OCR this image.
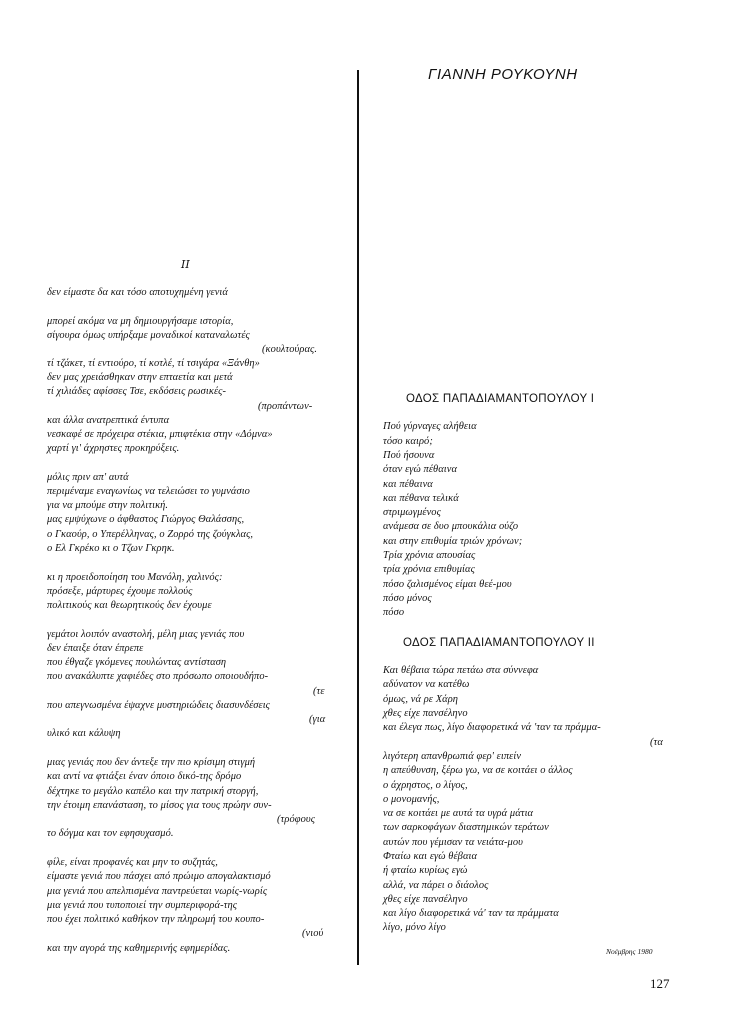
II
δεν είμαστε δα και τόσο αποτυχημένη γενιά
μπορεί ακόμα να μη δημιουργήσαμε ιστορία,
σίγουρα όμως υπήρξαμε μοναδικοί καταναλωτές
(κουλτούρας.
τί τζάκετ, τί εντιούρο, τί κοτλέ, τί τσιγάρα «Ξάνθη»
δεν μας χρειάσθηκαν στην επταετία και μετά
τί χιλιάδες αφίσσες Τσε, εκδόσεις ρωσικές-
(προπάντων-
και άλλα ανατρεπτικά έντυπα
νεσκαφέ σε πρόχειρα στέκια, μπιφτέκια στην «Δόμνα»
χαρτί γι' άχρηστες προκηρύξεις.
μόλις πριν απ' αυτά
περιμέναμε εναγωνίως να τελειώσει το γυμνάσιο
για να μπούμε στην πολιτική.
μας εμψύχωνε ο άφθαστος Γιώργος Θαλάσσης,
ο Γκαούρ, ο Υπερέλληνας, ο Ζορρό της ζούγκλας,
ο Ελ Γκρέκο κι ο Τζων Γκρηκ.
κι η προειδοποίηση του Μανόλη, χαλινός:
πρόσεξε, μάρτυρες έχουμε πολλούς
πολιτικούς και θεωρητικούς δεν έχουμε
γεμάτοι λοιπόν αναστολή, μέλη μιας γενιάς που
δεν έπαιξε όταν έπρεπε
που έθγαζε γκόμενες πουλώντας αντίσταση
που ανακάλυπτε χαφιέδες στο πρόσωπο οποιουδήπο-
(τε
που απεγνωσμένα έψαχνε μυστηριώδεις διασυνδέσεις
(για
υλικό και κάλυψη
μιας γενιάς που δεν άντεξε την πιο κρίσιμη στιγμή
και αντί να φτιάξει έναν όποιο δικό-της δρόμο
δέχτηκε το μεγάλο καπέλο και την πατρική στοργή,
την έτοιμη επανάσταση, το μίσος για τους πρώην συν-
(τρόφους
το δόγμα και τον εφησυχασμό.
φίλε, είναι προφανές και μην το συζητάς,
είμαστε γενιά που πάσχει από πρώιμο απογαλακτισμό
μια γενιά που απελπισμένα παντρεύεται νωρίς-νωρίς
μια γενιά που τυποποιεί την συμπεριφορά-της
που έχει πολιτικό καθήκον την πληρωμή του κουπο-
(νιού
και την αγορά της καθημερινής εφημερίδας.
ΓΙΑΝΝΗ ΡΟΥΚΟΥΝΗ
ΟΔΟΣ ΠΑΠΑΔΙΑΜΑΝΤΟΠΟΥΛΟΥ I
Πού γύρναγες αλήθεια
τόσο καιρό;
Πού ήσουνα
όταν εγώ πέθαινα
και πέθαινα
και πέθανα τελικά
στριμωγμένος
ανάμεσα σε δυο μπουκάλια ούζο
και στην επιθυμία τριών χρόνων;
Τρία χρόνια απουσίας
τρία χρόνια επιθυμίας
πόσο ζαλισμένος είμαι θεέ-μου
πόσο μόνος
πόσο
ΟΔΟΣ ΠΑΠΑΔΙΑΜΑΝΤΟΠΟΥΛΟΥ II
Και θέβαια τώρα πετάω στα σύννεφα
αδύνατον να κατέθω
όμως, νά ρε Χάρη
χθες είχε πανσέληνο
και έλεγα πως, λίγο διαφορετικά νά 'ταν τα πράμμα-
(τα
λιγότερη απανθρωπιά φερ' ειπείν
η απεύθυνση, ξέρω γω, να σε κοιτάει ο άλλος
ο άχρηστος, ο λίγος,
ο μονομανής,
να σε κοιτάει με αυτά τα υγρά μάτια
των σαρκοφάγων διαστημικών τεράτων
αυτών που γέμισαν τα νειάτα-μου
Φταίω και εγώ θέβαια
ή φταίω κυρίως εγώ
αλλά, να πάρει ο διάολος
χθες είχε πανσέληνο
και λίγο διαφορετικά νά' ταν τα πράμματα
λίγο, μόνο λίγο
Νοέμβρης 1980
127
